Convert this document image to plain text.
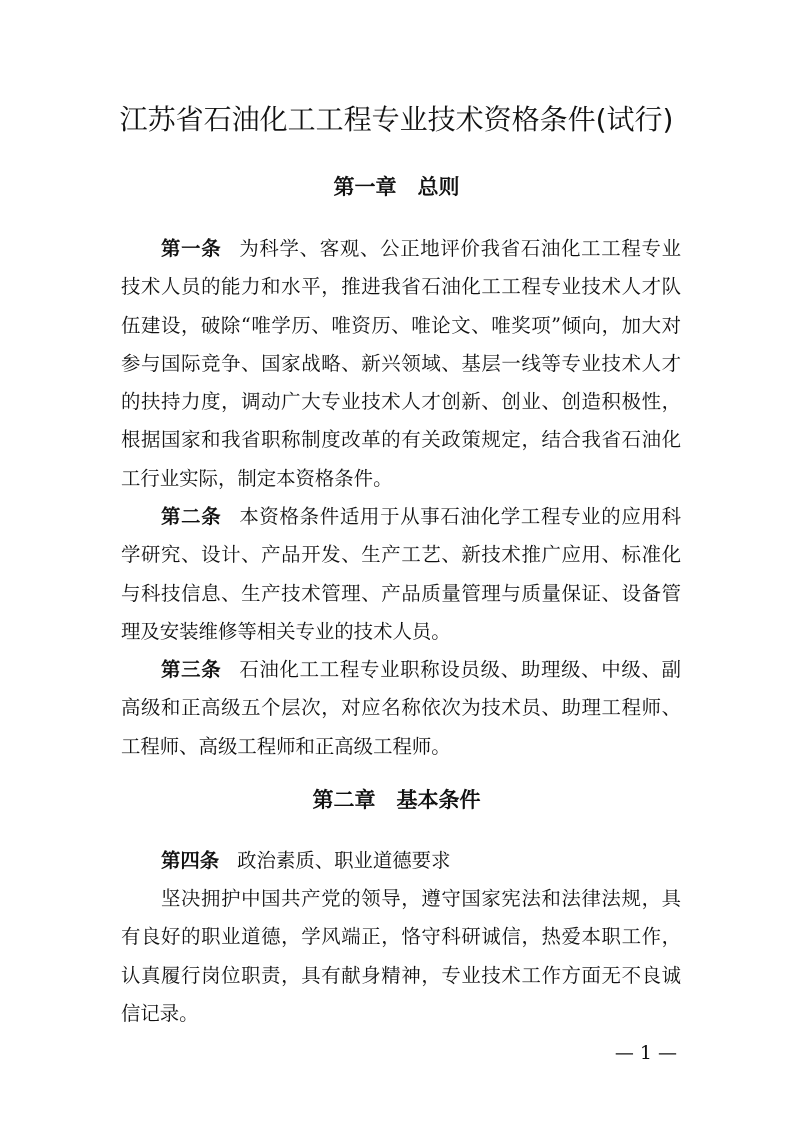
江苏省石油化工工程专业技术资格条件(试行)
第一章　总则

第一条 为科学、客观、公正地评价我省石油化工工程专业技术人员的能力和水平，推进我省石油化工工程专业技术人才队伍建设，破除“唯学历、唯资历、唯论文、唯奖项”倾向，加大对参与国际竞争、国家战略、新兴领域、基层一线等专业技术人才的扶持力度，调动广大专业技术人才创新、创业、创造积极性，根据国家和我省职称制度改革的有关政策规定，结合我省石油化工行业实际，制定本资格条件。

第二条 本资格条件适用于从事石油化学工程专业的应用科学研究、设计、产品开发、生产工艺、新技术推广应用、标准化与科技信息、生产技术管理、产品质量管理与质量保证、设备管理及安装维修等相关专业的技术人员。

第三条 石油化工工程专业职称设员级、助理级、中级、副高级和正高级五个层次，对应名称依次为技术员、助理工程师、工程师、高级工程师和正高级工程师。

第二章　基本条件

第四条 政治素质、职业道德要求

坚决拥护中国共产党的领导，遵守国家宪法和法律法规，具有良好的职业道德，学风端正，恪守科研诚信，热爱本职工作，认真履行岗位职责，具有献身精神，专业技术工作方面无不良诚信记录。

— 1 —
